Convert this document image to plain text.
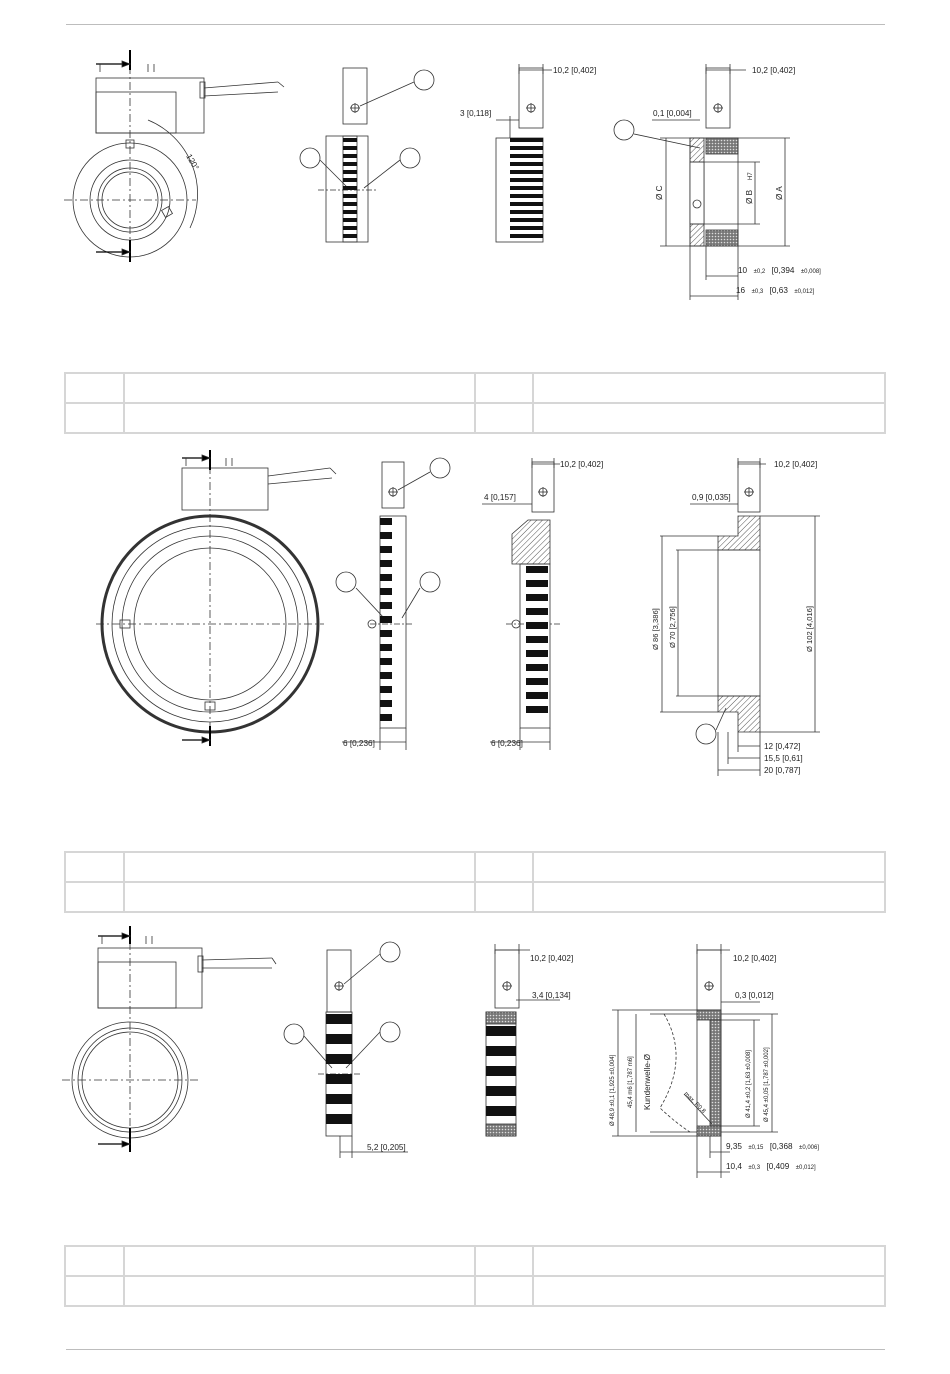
120°
10,2 [0,402]
3 [0,118]
10,2 [0,402]
0,1 [0,004]
Ø C	Ø B
H7
Ø A
10 ±0,2 [0,394 ±0,008]
16 ±0,3 [0,63 ±0,012]

10,2 [0,402]
4 [0,157]
10,2 [0,402]
0,9 [0,035]
6 [0,236]	6 [0,236]
Ø 86 [3,386] Ø 70 [2,756]	Ø 102 [4,016]
12 [0,472]
15,5 [0,61]
20 [0,787]

10,2 [0,402]
3,4 [0,134]
10,2 [0,402]
0,3 [0,012]
5,2 [0,205]
Ø 48,9 ±0,1 [1,925 ±0,004] 45,4 m6 [1,787 m6] Kundenwelle-Ø	Ø 41,4 ±0,2 [1,63 ±0,008] Ø 45,4 ±0,05 [1,787 ±0,002]
max. R0,8
9,35 ±0,15 [0,368 ±0,006]
10,4 ±0,3 [0,409 ±0,012]
